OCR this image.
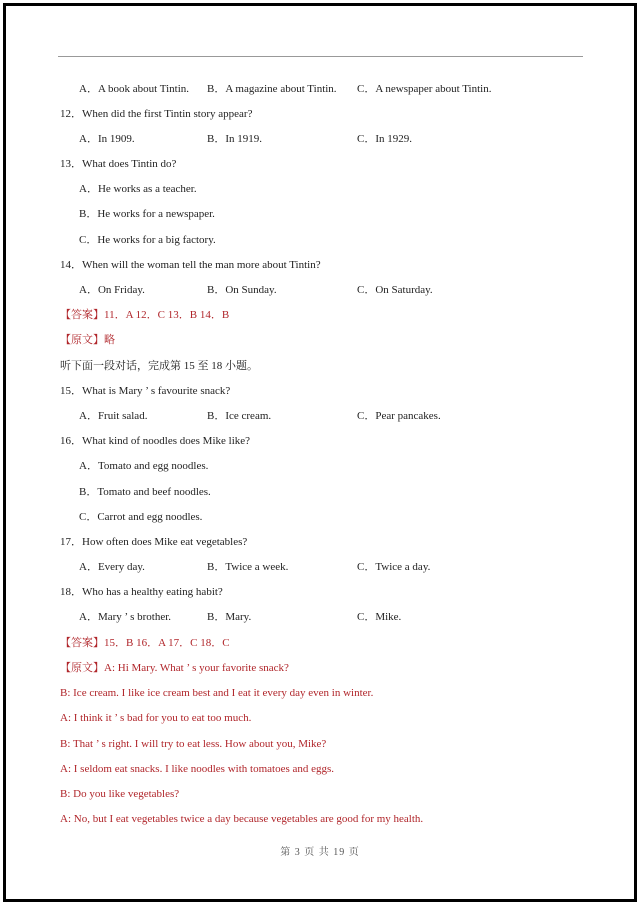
A．A book about Tintin. B．A magazine about Tintin. C．A newspaper about Tintin.
12．When did the first Tintin story appear?
A．In 1909.	B．In 1919.	C．In 1929.
13．What does Tintin do?
A．He works as a teacher.
B．He works for a newspaper.
C．He works for a big factory.
14．When will the woman tell the man more about Tintin?
A．On Friday.	B．On Sunday.	C．On Saturday.
【答案】11．A 12．C 13．B 14．B
【原文】略
听下面一段对话，完成第 15 至 18 小题。
15．What is Mary ’ s favourite snack?
A．Fruit salad.	B．Ice cream.	C．Pear pancakes.
16．What kind of noodles does Mike like?
A．Tomato and egg noodles.
B．Tomato and beef noodles.
C．Carrot and egg noodles.
17．How often does Mike eat vegetables?
A．Every day.	B．Twice a week.	C．Twice a day.
18．Who has a healthy eating habit?
A．Mary ’ s brother.	B．Mary.	C．Mike.
【答案】15．B 16．A 17．C 18．C
【原文】A: Hi Mary. What ’ s your favorite snack?
B: Ice cream. I like ice cream best and I eat it every day even in winter.
A: I think it ’ s bad for you to eat too much.
B: That ’ s right. I will try to eat less. How about you, Mike?
A: I seldom eat snacks. I like noodles with tomatoes and eggs.
B: Do you like vegetables?
A: No, but I eat vegetables twice a day because vegetables are good for my health.
第 3 页 共 19 页
